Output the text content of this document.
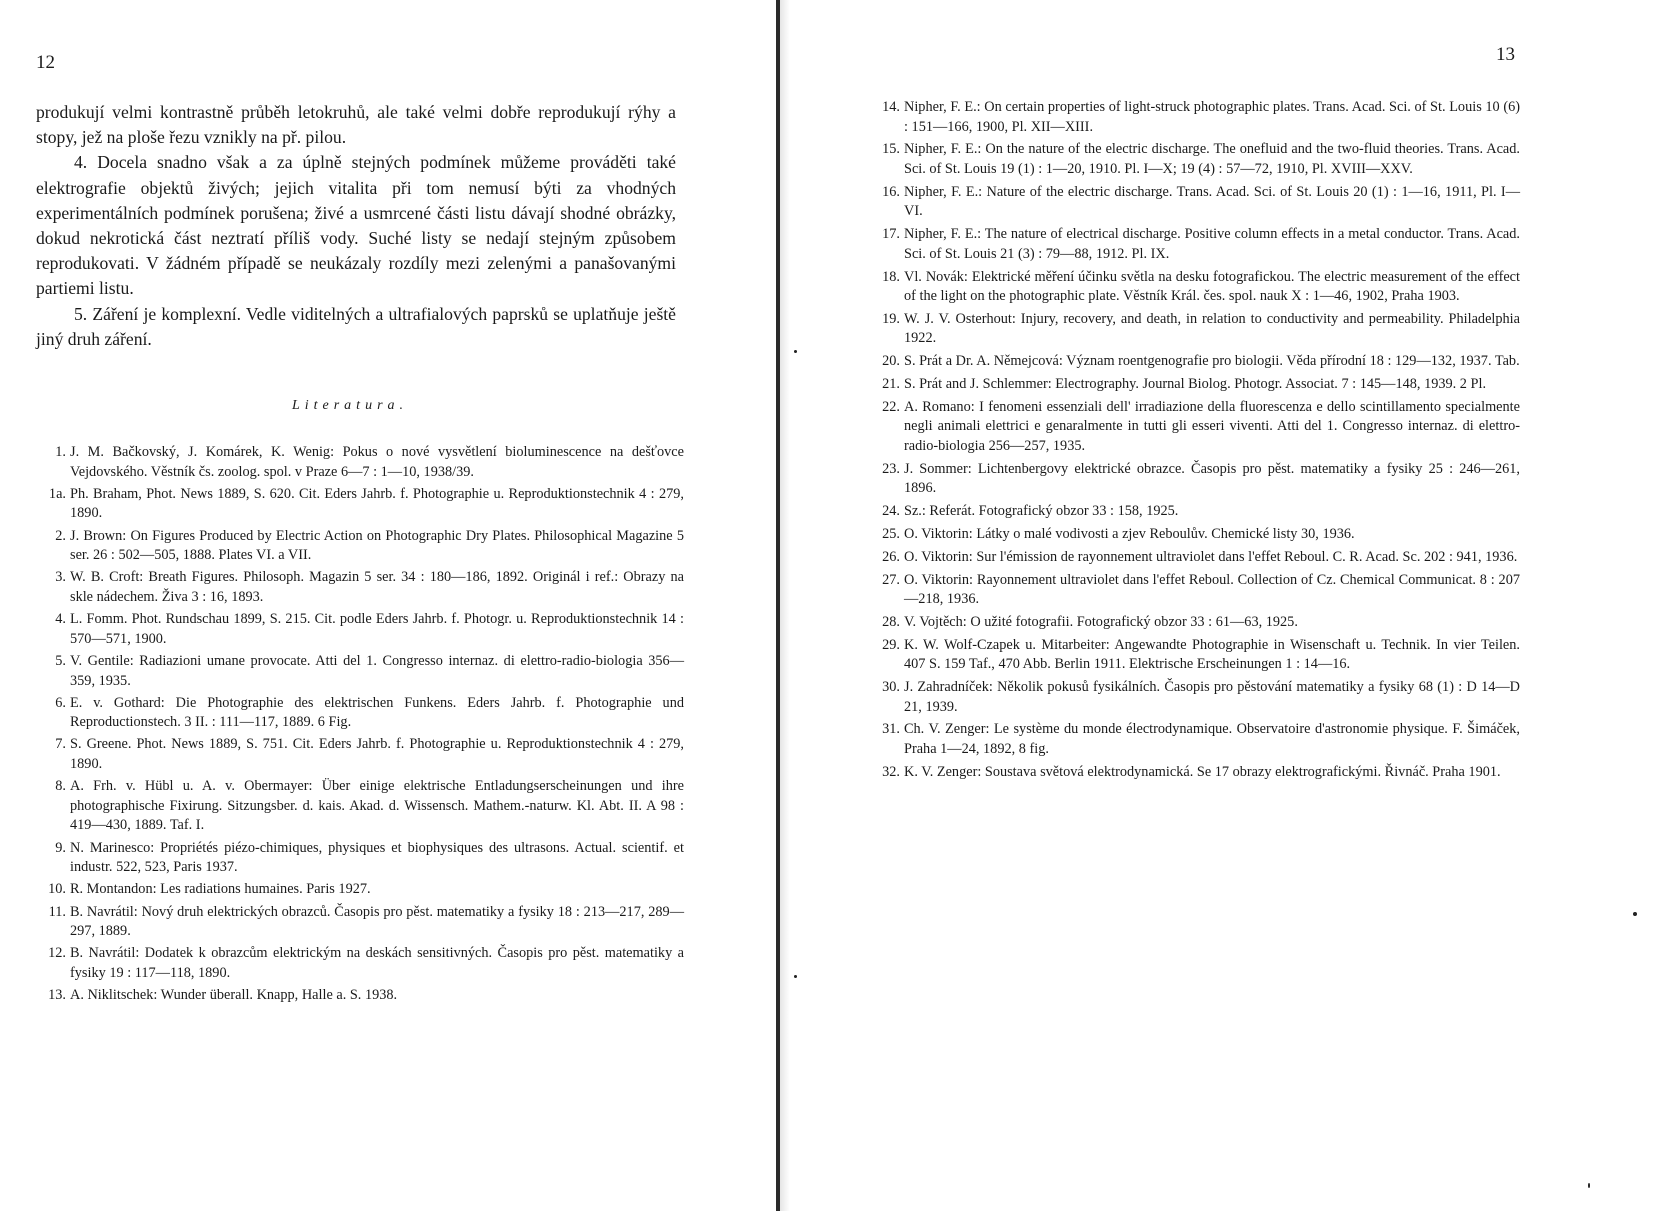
12

produkují velmi kontrastně průběh letokruhů, ale také velmi dobře reprodukují rýhy a stopy, jež na ploše řezu vznikly na př. pilou.

4. Docela snadno však a za úplně stejných podmínek můžeme prováděti také elektrografie objektů živých; jejich vitalita při tom nemusí býti za vhodných experimentálních podmínek porušena; živé a usmrcené části listu dávají shodné obrázky, dokud nekrotická část neztratí příliš vody. Suché listy se nedají stejným způsobem reprodukovati. V žádném případě se neukázaly rozdíly mezi zelenými a panašovanými partiemi listu.

5. Záření je komplexní. Vedle viditelných a ultrafialových paprsků se uplatňuje ještě jiný druh záření.

Literatura.
1. J. M. Bačkovský, J. Komárek, K. Wenig: Pokus o nové vysvětlení bioluminescence na dešťovce Vejdovského. Věstník čs. zoolog. spol. v Praze 6—7 : 1—10, 1938/39.
1a. Ph. Braham, Phot. News 1889, S. 620. Cit. Eders Jahrb. f. Photographie u. Reproduktionstechnik 4 : 279, 1890.
2. J. Brown: On Figures Produced by Electric Action on Photographic Dry Plates. Philosophical Magazine 5 ser. 26 : 502—505, 1888. Plates VI. a VII.
3. W. B. Croft: Breath Figures. Philosoph. Magazin 5 ser. 34 : 180—186, 1892. Originál i ref.: Obrazy na skle nádechem. Živa 3 : 16, 1893.
4. L. Fomm. Phot. Rundschau 1899, S. 215. Cit. podle Eders Jahrb. f. Photogr. u. Reproduktionstechnik 14 : 570—571, 1900.
5. V. Gentile: Radiazioni umane provocate. Atti del 1. Congresso internaz. di elettro-radio-biologia 356—359, 1935.
6. E. v. Gothard: Die Photographie des elektrischen Funkens. Eders Jahrb. f. Photographie und Reproductionstech. 3 II. : 111—117, 1889. 6 Fig.
7. S. Greene. Phot. News 1889, S. 751. Cit. Eders Jahrb. f. Photographie u. Reproduktionstechnik 4 : 279, 1890.
8. A. Frh. v. Hübl u. A. v. Obermayer: Über einige elektrische Entladungserscheinungen und ihre photographische Fixirung. Sitzungsber. d. kais. Akad. d. Wissensch. Mathem.-naturw. Kl. Abt. II. A 98 : 419—430, 1889. Taf. I.
9. N. Marinesco: Propriétés piézo-chimiques, physiques et biophysiques des ultrasons. Actual. scientif. et industr. 522, 523, Paris 1937.
10. R. Montandon: Les radiations humaines. Paris 1927.
11. B. Navrátil: Nový druh elektrických obrazců. Časopis pro pěst. matematiky a fysiky 18 : 213—217, 289—297, 1889.
12. B. Navrátil: Dodatek k obrazcům elektrickým na deskách sensitivných. Časopis pro pěst. matematiky a fysiky 19 : 117—118, 1890.
13. A. Niklitschek: Wunder überall. Knapp, Halle a. S. 1938.
14. Nipher, F. E.: On certain properties of light-struck photographic plates. Trans. Acad. Sci. of St. Louis 10 (6) : 151—166, 1900, Pl. XII—XIII.
15. Nipher, F. E.: On the nature of the electric discharge. The onefluid and the two-fluid theories. Trans. Acad. Sci. of St. Louis 19 (1) : 1—20, 1910. Pl. I—X; 19 (4) : 57—72, 1910, Pl. XVIII—XXV.
16. Nipher, F. E.: Nature of the electric discharge. Trans. Acad. Sci. of St. Louis 20 (1) : 1—16, 1911, Pl. I—VI.
17. Nipher, F. E.: The nature of electrical discharge. Positive column effects in a metal conductor. Trans. Acad. Sci. of St. Louis 21 (3) : 79—88, 1912. Pl. IX.
18. Vl. Novák: Elektrické měření účinku světla na desku fotografickou. The electric measurement of the effect of the light on the photographic plate. Věstník Král. čes. spol. nauk X : 1—46, 1902, Praha 1903.
19. W. J. V. Osterhout: Injury, recovery, and death, in relation to conductivity and permeability. Philadelphia 1922.
20. S. Prát a Dr. A. Němejcová: Význam roentgenografie pro biologii. Věda přírodní 18 : 129—132, 1937. Tab.
21. S. Prát and J. Schlemmer: Electrography. Journal Biolog. Photogr. Associat. 7 : 145—148, 1939. 2 Pl.
22. A. Romano: I fenomeni essenziali dell' irradiazione della fluorescenza e dello scintillamento specialmente negli animali elettrici e genaralmente in tutti gli esseri viventi. Atti del 1. Congresso internaz. di elettro-radio-biologia 256—257, 1935.
23. J. Sommer: Lichtenbergovy elektrické obrazce. Časopis pro pěst. matematiky a fysiky 25 : 246—261, 1896.
24. Sz.: Referát. Fotografický obzor 33 : 158, 1925.
25. O. Viktorin: Látky o malé vodivosti a zjev Reboulův. Chemické listy 30, 1936.
26. O. Viktorin: Sur l'émission de rayonnement ultraviolet dans l'effet Reboul. C. R. Acad. Sc. 202 : 941, 1936.
27. O. Viktorin: Rayonnement ultraviolet dans l'effet Reboul. Collection of Cz. Chemical Communicat. 8 : 207—218, 1936.
28. V. Vojtěch: O užité fotografii. Fotografický obzor 33 : 61—63, 1925.
29. K. W. Wolf-Czapek u. Mitarbeiter: Angewandte Photographie in Wisenschaft u. Technik. In vier Teilen. 407 S. 159 Taf., 470 Abb. Berlin 1911. Elektrische Erscheinungen 1 : 14—16.
30. J. Zahradníček: Několik pokusů fysikálních. Časopis pro pěstování matematiky a fysiky 68 (1) : D 14—D 21, 1939.
31. Ch. V. Zenger: Le système du monde électrodynamique. Observatoire d'astronomie physique. F. Šimáček, Praha 1—24, 1892, 8 fig.
32. K. V. Zenger: Soustava světová elektrodynamická. Se 17 obrazy elektrografickými. Řivnáč. Praha 1901.
13
